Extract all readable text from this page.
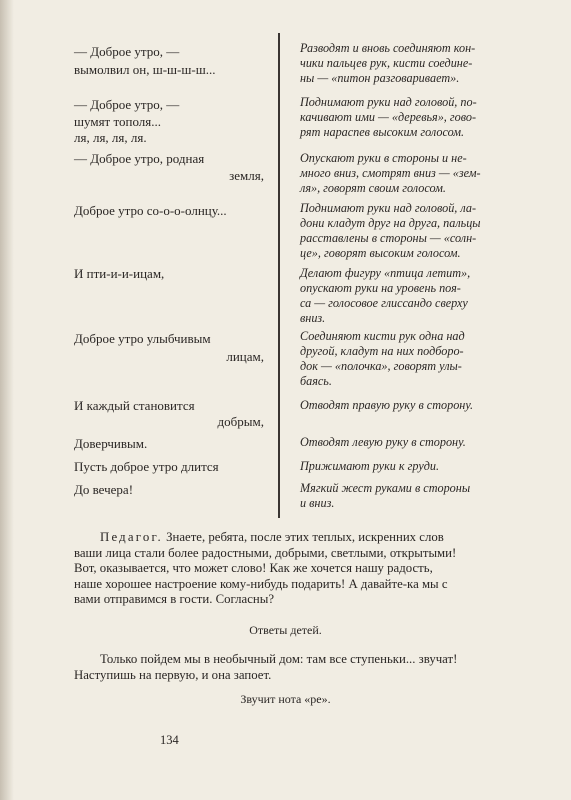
— Доброе утро, —
вымолвил он, ш-ш-ш-ш...
— Доброе утро, —
шумят тополя...
ля, ля, ля, ля.
— Доброе утро, родная
земля,
Доброе утро со-о-о-олнцу...
И пти-и-и-ицам,
Доброе утро улыбчивым
лицам,
И каждый становится
добрым,
Доверчивым.
Пусть доброе утро длится
До вечера!
Разводят и вновь соединяют кон-
чики пальцев рук, кисти соедине-
ны — «питон разговаривает».
Поднимают руки над головой, по-
качивают ими — «деревья», гово-
рят нараспев высоким голосом.
Опускают руки в стороны и не-
много вниз, смотрят вниз — «зем-
ля», говорят своим голосом.
Поднимают руки над головой, ла-
дони кладут друг на друга, пальцы
расставлены в стороны — «солн-
це», говорят высоким голосом.
Делают фигуру «птица летит»,
опускают руки на уровень поя-
са — голосовое глиссандо сверху
вниз.
Соединяют кисти рук одна над
другой, кладут на них подборо-
док — «полочка», говорят улы-
баясь.
Отводят правую руку в сторону.
Отводят левую руку в сторону.
Прижимают руки к груди.
Мягкий жест руками в стороны
и вниз.
Педагог. Знаете, ребята, после этих теплых, искренних слов
ваши лица стали более радостными, добрыми, светлыми, открытыми!
Вот, оказывается, что может слово! Как же хочется нашу радость,
наше хорошее настроение кому-нибудь подарить! А давайте-ка мы с
вами отправимся в гости. Согласны?
Ответы детей.
Только пойдем мы в необычный дом: там все ступеньки... звучат!
Наступишь на первую, и она запоет.
Звучит нота «ре».
134
